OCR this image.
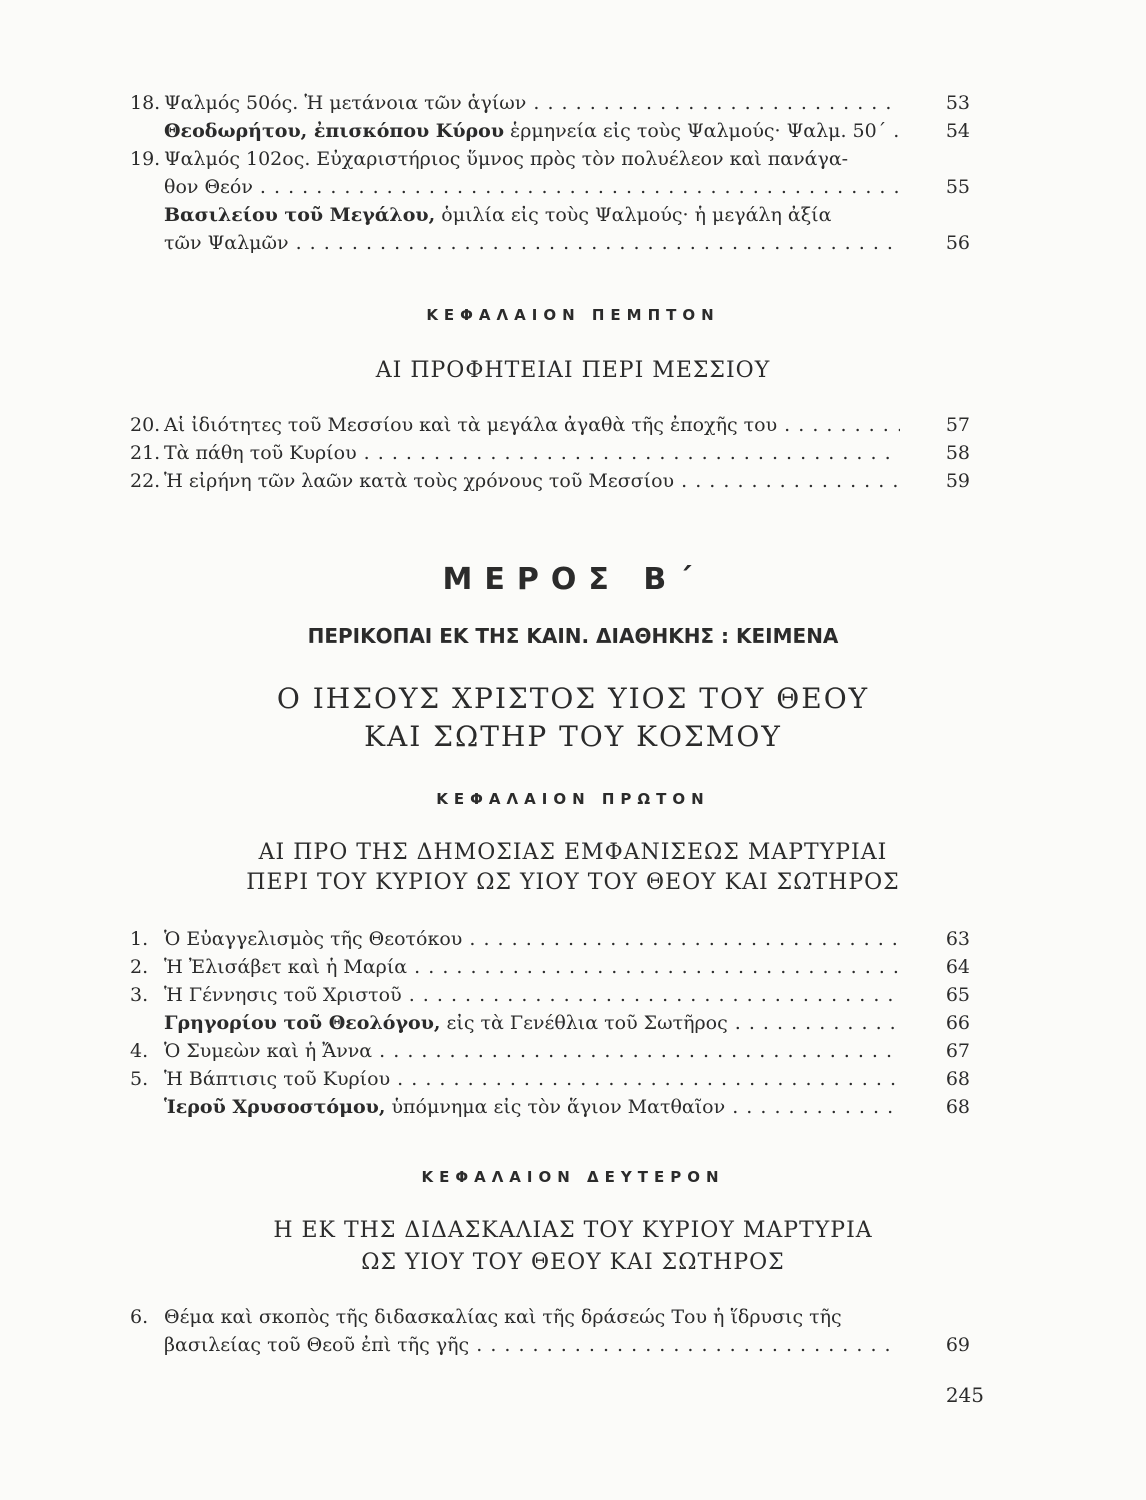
18. Ψαλμός 50ός. Ἡ μετάνοια τῶν ἁγίων . . .	53
Θεοδωρήτου, ἐπισκόπου Κύρου ἑρμηνεία εἰς τοὺς Ψαλμούς· Ψαλμ. 50΄ . . .	54
19. Ψαλμός 102ος. Εὐχαριστήριος ὕμνος πρὸς τὸν πολυέλεον καὶ πανάγα-
θον Θεόν . . .	55
Βασιλείου τοῦ Μεγάλου, ὁμιλία εἰς τοὺς Ψαλμούς· ἡ μεγάλη ἀξία
τῶν Ψαλμῶν . . .	56
ΚΕΦΑΛΑΙΟΝ ΠΕΜΠΤΟΝ
ΑΙ ΠΡΟΦΗΤΕΙΑΙ ΠΕΡΙ ΜΕΣΣΙΟΥ
20. Αἱ ἰδιότητες τοῦ Μεσσίου καὶ τὰ μεγάλα ἀγαθὰ τῆς ἐποχῆς του . . .	57
21. Τὰ πάθη τοῦ Κυρίου . . .	58
22. Ἡ εἰρήνη τῶν λαῶν κατὰ τοὺς χρόνους τοῦ Μεσσίου . . .	59
ΜΕΡΟΣ Β΄
ΠΕΡΙΚΟΠΑΙ ΕΚ ΤΗΣ ΚΑΙΝ. ΔΙΑΘΗΚΗΣ : ΚΕΙΜΕΝΑ
Ο ΙΗΣΟΥΣ ΧΡΙΣΤΟΣ ΥΙΟΣ ΤΟΥ ΘΕΟΥ
ΚΑΙ ΣΩΤΗΡ ΤΟΥ ΚΟΣΜΟΥ
ΚΕΦΑΛΑΙΟΝ ΠΡΩΤΟΝ
ΑΙ ΠΡΟ ΤΗΣ ΔΗΜΟΣΙΑΣ ΕΜΦΑΝΙΣΕΩΣ ΜΑΡΤΥΡΙΑΙ
ΠΕΡΙ ΤΟΥ ΚΥΡΙΟΥ ΩΣ ΥΙΟΥ ΤΟΥ ΘΕΟΥ ΚΑΙ ΣΩΤΗΡΟΣ
1. Ὁ Εὐαγγελισμὸς τῆς Θεοτόκου . . .	63
2. Ἡ Ἐλισάβετ καὶ ἡ Μαρία . . .	64
3. Ἡ Γέννησις τοῦ Χριστοῦ . . .	65
Γρηγορίου τοῦ Θεολόγου, εἰς τὰ Γενέθλια τοῦ Σωτῆρος . . .	66
4. Ὁ Συμεὼν καὶ ἡ Ἄννα . . .	67
5. Ἡ Βάπτισις τοῦ Κυρίου . . .	68
Ἱεροῦ Χρυσοστόμου, ὑπόμνημα εἰς τὸν ἅγιον Ματθαῖον . . .	68
ΚΕΦΑΛΑΙΟΝ ΔΕΥΤΕΡΟΝ
Η ΕΚ ΤΗΣ ΔΙΔΑΣΚΑΛΙΑΣ ΤΟΥ ΚΥΡΙΟΥ ΜΑΡΤΥΡΙΑ
ΩΣ ΥΙΟΥ ΤΟΥ ΘΕΟΥ ΚΑΙ ΣΩΤΗΡΟΣ
6. Θέμα καὶ σκοπὸς τῆς διδασκαλίας καὶ τῆς δράσεώς Του ἡ ἵδρυσις τῆς
βασιλείας τοῦ Θεοῦ ἐπὶ τῆς γῆς . . .	69
245
